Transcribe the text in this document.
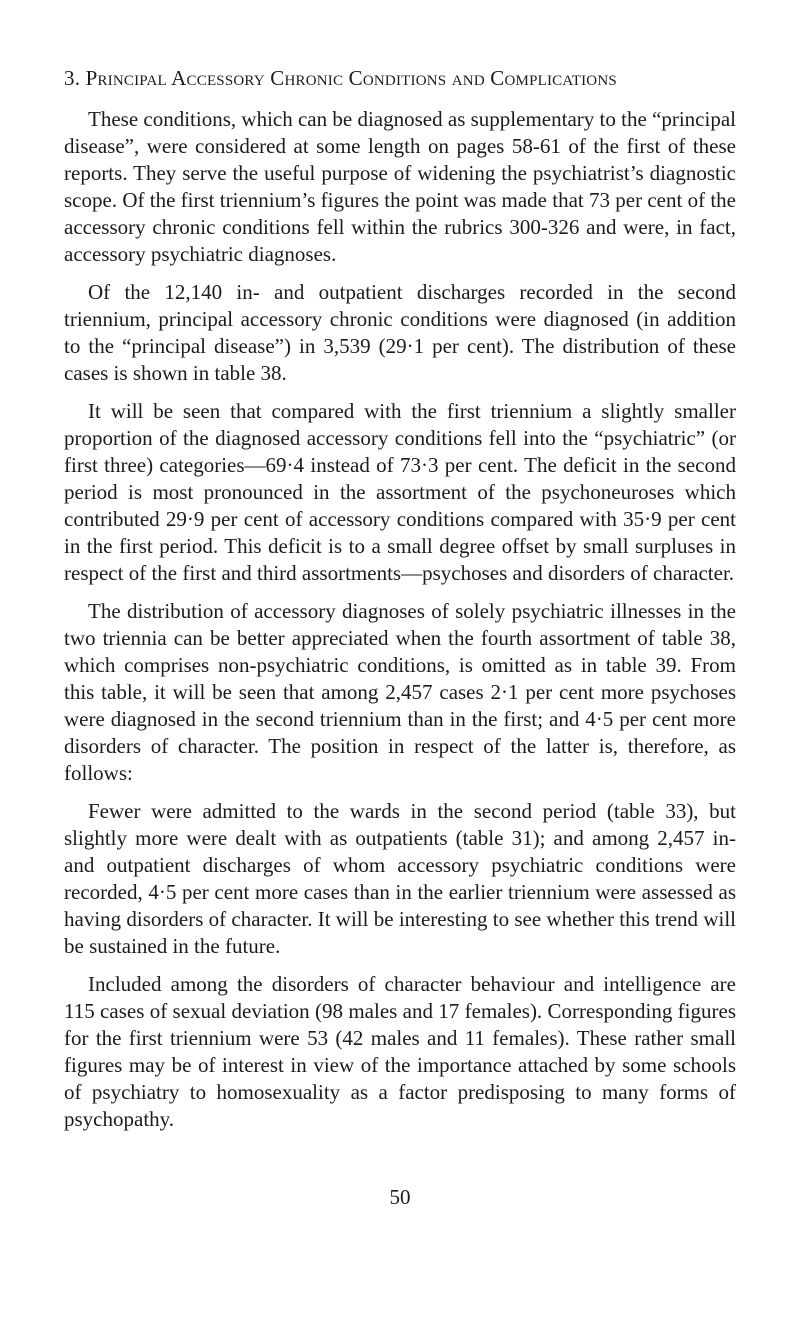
3. Principal Accessory Chronic Conditions and Complications

These conditions, which can be diagnosed as supplementary to the “principal disease”, were considered at some length on pages 58-61 of the first of these reports. They serve the useful purpose of widening the psychiatrist’s diagnostic scope. Of the first triennium’s figures the point was made that 73 per cent of the accessory chronic conditions fell within the rubrics 300-326 and were, in fact, accessory psychiatric diagnoses.

Of the 12,140 in- and outpatient discharges recorded in the second triennium, principal accessory chronic conditions were diagnosed (in addition to the “principal disease”) in 3,539 (29·1 per cent). The distribution of these cases is shown in table 38.

It will be seen that compared with the first triennium a slightly smaller proportion of the diagnosed accessory conditions fell into the “psychiatric” (or first three) categories—69·4 instead of 73·3 per cent. The deficit in the second period is most pronounced in the assortment of the psychoneuroses which contributed 29·9 per cent of accessory conditions compared with 35·9 per cent in the first period. This deficit is to a small degree offset by small surpluses in respect of the first and third assortments—psychoses and disorders of character.

The distribution of accessory diagnoses of solely psychiatric illnesses in the two triennia can be better appreciated when the fourth assortment of table 38, which comprises non-psychiatric conditions, is omitted as in table 39. From this table, it will be seen that among 2,457 cases 2·1 per cent more psychoses were diagnosed in the second triennium than in the first; and 4·5 per cent more disorders of character. The position in respect of the latter is, therefore, as follows:

Fewer were admitted to the wards in the second period (table 33), but slightly more were dealt with as outpatients (table 31); and among 2,457 in- and outpatient discharges of whom accessory psychiatric conditions were recorded, 4·5 per cent more cases than in the earlier triennium were assessed as having disorders of character. It will be interesting to see whether this trend will be sustained in the future.

Included among the disorders of character behaviour and intelligence are 115 cases of sexual deviation (98 males and 17 females). Corresponding figures for the first triennium were 53 (42 males and 11 females). These rather small figures may be of interest in view of the importance attached by some schools of psychiatry to homosexuality as a factor predisposing to many forms of psychopathy.

50
